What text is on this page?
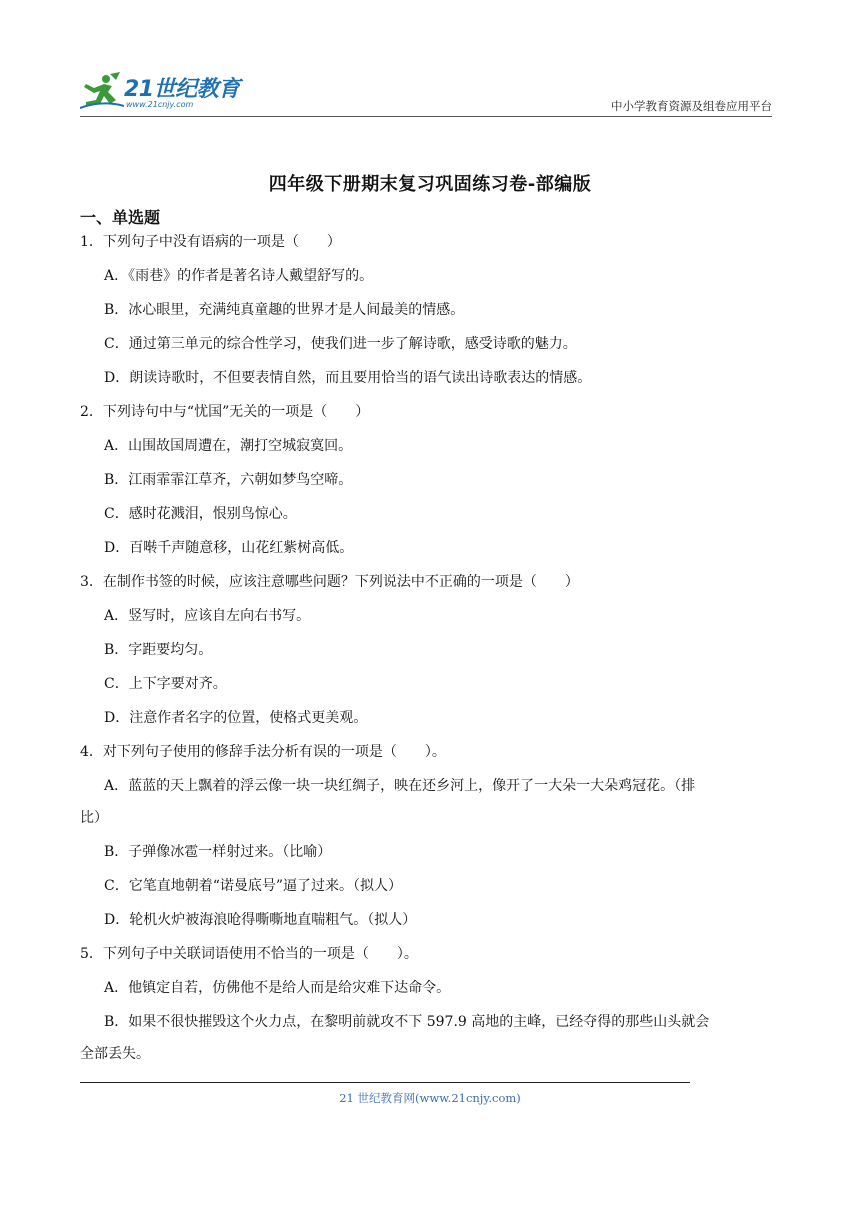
21世纪教育
www.21cnjy.com	中小学教育资源及组卷应用平台
四年级下册期末复习巩固练习卷-部编版
一、单选题
1．下列句子中没有语病的一项是（　　）
A．《雨巷》的作者是著名诗人戴望舒写的。
B．冰心眼里，充满纯真童趣的世界才是人间最美的情感。
C．通过第三单元的综合性学习，使我们进一步了解诗歌，感受诗歌的魅力。
D．朗读诗歌时，不但要表情自然，而且要用恰当的语气读出诗歌表达的情感。
2．下列诗句中与“忧国”无关的一项是（　　）
A．山围故国周遭在，潮打空城寂寞回。
B．江雨霏霏江草齐，六朝如梦鸟空啼。
C．感时花溅泪，恨别鸟惊心。
D．百啭千声随意移，山花红紫树高低。
3．在制作书签的时候，应该注意哪些问题？下列说法中不正确的一项是（　　）
A．竖写时，应该自左向右书写。
B．字距要均匀。
C．上下字要对齐。
D．注意作者名字的位置，使格式更美观。
4．对下列句子使用的修辞手法分析有误的一项是（　　）。
A．蓝蓝的天上飘着的浮云像一块一块红绸子，映在还乡河上，像开了一大朵一大朵鸡冠花。（排
比）
B．子弹像冰雹一样射过来。（比喻）
C．它笔直地朝着“诺曼底号”逼了过来。（拟人）
D．轮机火炉被海浪呛得嘶嘶地直喘粗气。（拟人）
5．下列句子中关联词语使用不恰当的一项是（　　）。
A．他镇定自若，仿佛他不是给人而是给灾难下达命令。
B．如果不很快摧毁这个火力点，在黎明前就攻不下 597.9 高地的主峰，已经夺得的那些山头就会
全部丢失。
21 世纪教育网(www.21cnjy.com)
